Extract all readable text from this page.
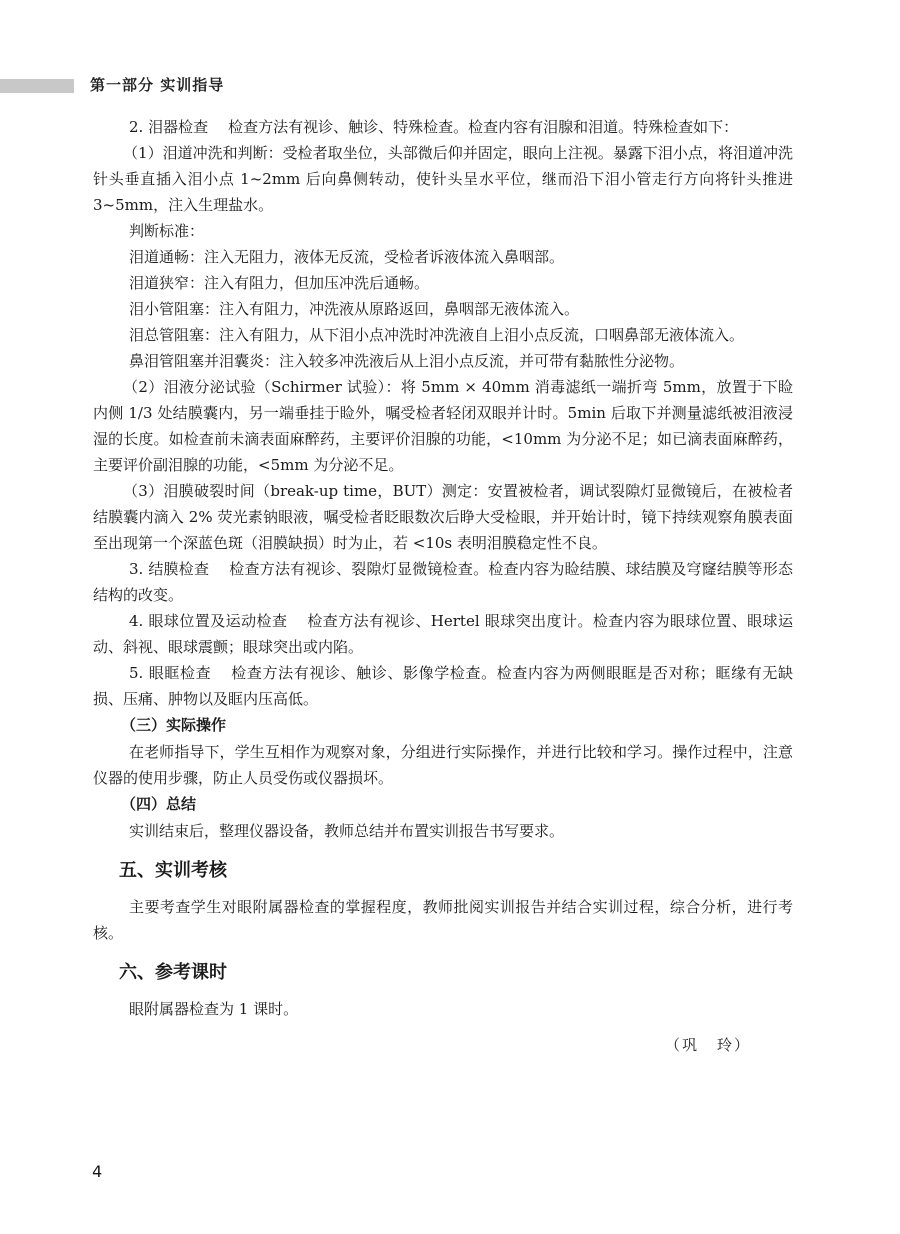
第一部分 实训指导

2. 泪器检查 检查方法有视诊、触诊、特殊检查。检查内容有泪腺和泪道。特殊检查如下：

（1）泪道冲洗和判断：受检者取坐位，头部微后仰并固定，眼向上注视。暴露下泪小点，将泪道冲洗针头垂直插入泪小点 1~2mm 后向鼻侧转动，使针头呈水平位，继而沿下泪小管走行方向将针头推进 3~5mm，注入生理盐水。

判断标准：

泪道通畅：注入无阻力，液体无反流，受检者诉液体流入鼻咽部。

泪道狭窄：注入有阻力，但加压冲洗后通畅。

泪小管阻塞：注入有阻力，冲洗液从原路返回，鼻咽部无液体流入。

泪总管阻塞：注入有阻力，从下泪小点冲洗时冲洗液自上泪小点反流，口咽鼻部无液体流入。

鼻泪管阻塞并泪囊炎：注入较多冲洗液后从上泪小点反流，并可带有黏脓性分泌物。

（2）泪液分泌试验（Schirmer 试验）：将 5mm × 40mm 消毒滤纸一端折弯 5mm，放置于下睑内侧 1/3 处结膜囊内，另一端垂挂于睑外，嘱受检者轻闭双眼并计时。5min 后取下并测量滤纸被泪液浸湿的长度。如检查前未滴表面麻醉药，主要评价泪腺的功能，<10mm 为分泌不足；如已滴表面麻醉药，主要评价副泪腺的功能，<5mm 为分泌不足。

（3）泪膜破裂时间（break-up time，BUT）测定：安置被检者，调试裂隙灯显微镜后，在被检者结膜囊内滴入 2% 荧光素钠眼液，嘱受检者眨眼数次后睁大受检眼，并开始计时，镜下持续观察角膜表面至出现第一个深蓝色斑（泪膜缺损）时为止，若 <10s 表明泪膜稳定性不良。

3. 结膜检查 检查方法有视诊、裂隙灯显微镜检查。检查内容为睑结膜、球结膜及穹窿结膜等形态结构的改变。

4. 眼球位置及运动检查 检查方法有视诊、Hertel 眼球突出度计。检查内容为眼球位置、眼球运动、斜视、眼球震颤；眼球突出或内陷。

5. 眼眶检查 检查方法有视诊、触诊、影像学检查。检查内容为两侧眼眶是否对称；眶缘有无缺损、压痛、肿物以及眶内压高低。

（三）实际操作

在老师指导下，学生互相作为观察对象，分组进行实际操作，并进行比较和学习。操作过程中，注意仪器的使用步骤，防止人员受伤或仪器损坏。

（四）总结

实训结束后，整理仪器设备，教师总结并布置实训报告书写要求。

五、实训考核

主要考查学生对眼附属器检查的掌握程度，教师批阅实训报告并结合实训过程，综合分析，进行考核。

六、参考课时

眼附属器检查为 1 课时。

（巩 玲）
4
